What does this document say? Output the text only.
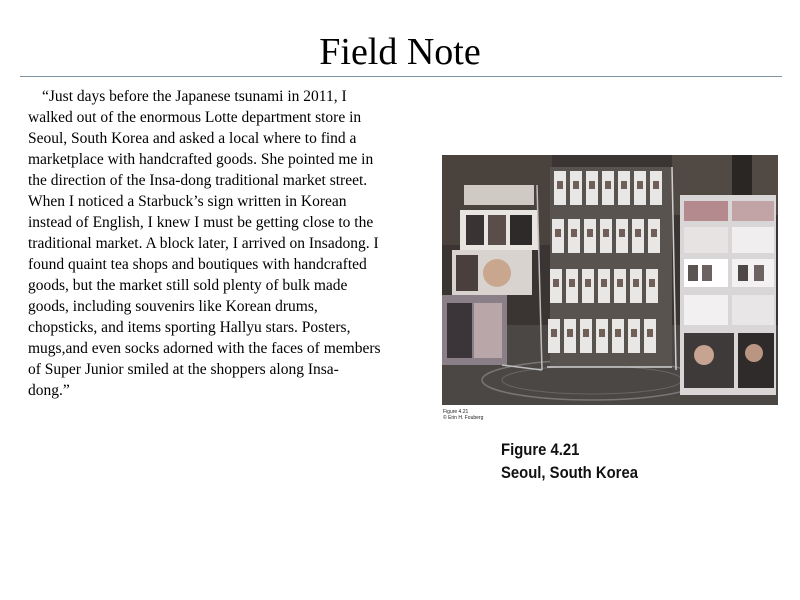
Field Note

“Just days before the Japanese tsunami in 2011, I
walked out of the enormous Lotte department store in
Seoul, South Korea and asked a local where to find a
marketplace with handcrafted goods. She pointed me in
the direction of the Insa-dong traditional market street.
When I noticed a Starbuck’s sign written in Korean
instead of English, I knew I must be getting close to the
traditional market. A block later, I arrived on Insadong. I
found quaint tea shops and boutiques with handcrafted
goods, but the market still sold plenty of bulk made
goods, including souvenirs like Korean drums,
chopsticks, and items sporting Hallyu stars. Posters,
mugs,and even socks adorned with the faces of members
of Super Junior smiled at the shoppers along Insa-
dong.”

Figure 4.21
© Erin H. Fouberg
Figure 4.21
Seoul, South Korea
